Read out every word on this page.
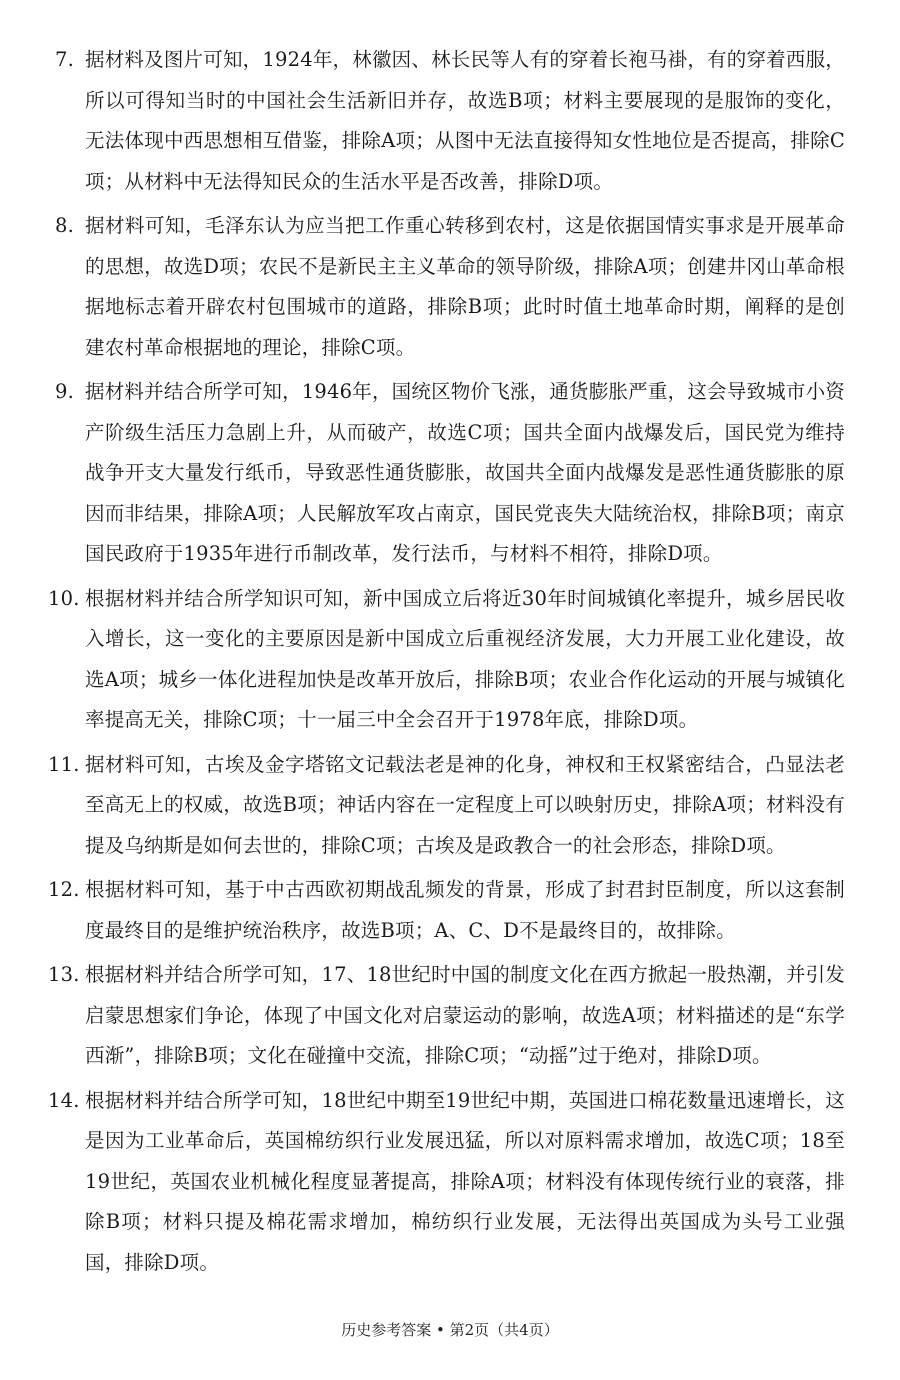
7. 据材料及图片可知，1924年，林徽因、林长民等人有的穿着长袍马褂，有的穿着西服，所以可得知当时的中国社会生活新旧并存，故选B项；材料主要展现的是服饰的变化，无法体现中西思想相互借鉴，排除A项；从图中无法直接得知女性地位是否提高，排除C项；从材料中无法得知民众的生活水平是否改善，排除D项。
8. 据材料可知，毛泽东认为应当把工作重心转移到农村，这是依据国情实事求是开展革命的思想，故选D项；农民不是新民主主义革命的领导阶级，排除A项；创建井冈山革命根据地标志着开辟农村包围城市的道路，排除B项；此时时值土地革命时期，阐释的是创建农村革命根据地的理论，排除C项。
9. 据材料并结合所学可知，1946年，国统区物价飞涨，通货膨胀严重，这会导致城市小资产阶级生活压力急剧上升，从而破产，故选C项；国共全面内战爆发后，国民党为维持战争开支大量发行纸币，导致恶性通货膨胀，故国共全面内战爆发是恶性通货膨胀的原因而非结果，排除A项；人民解放军攻占南京，国民党丧失大陆统治权，排除B项；南京国民政府于1935年进行币制改革，发行法币，与材料不相符，排除D项。
10. 根据材料并结合所学知识可知，新中国成立后将近30年时间城镇化率提升，城乡居民收入增长，这一变化的主要原因是新中国成立后重视经济发展，大力开展工业化建设，故选A项；城乡一体化进程加快是改革开放后，排除B项；农业合作化运动的开展与城镇化率提高无关，排除C项；十一届三中全会召开于1978年底，排除D项。
11. 据材料可知，古埃及金字塔铭文记载法老是神的化身，神权和王权紧密结合，凸显法老至高无上的权威，故选B项；神话内容在一定程度上可以映射历史，排除A项；材料没有提及乌纳斯是如何去世的，排除C项；古埃及是政教合一的社会形态，排除D项。
12. 根据材料可知，基于中古西欧初期战乱频发的背景，形成了封君封臣制度，所以这套制度最终目的是维护统治秩序，故选B项；A、C、D不是最终目的，故排除。
13. 根据材料并结合所学可知，17、18世纪时中国的制度文化在西方掀起一股热潮，并引发启蒙思想家们争论，体现了中国文化对启蒙运动的影响，故选A项；材料描述的是“东学西渐”，排除B项；文化在碰撞中交流，排除C项；“动摇”过于绝对，排除D项。
14. 根据材料并结合所学可知，18世纪中期至19世纪中期，英国进口棉花数量迅速增长，这是因为工业革命后，英国棉纺织行业发展迅猛，所以对原料需求增加，故选C项；18至19世纪，英国农业机械化程度显著提高，排除A项；材料没有体现传统行业的衰落，排除B项；材料只提及棉花需求增加，棉纺织行业发展，无法得出英国成为头号工业强国，排除D项。
历史参考答案 • 第2页（共4页）
